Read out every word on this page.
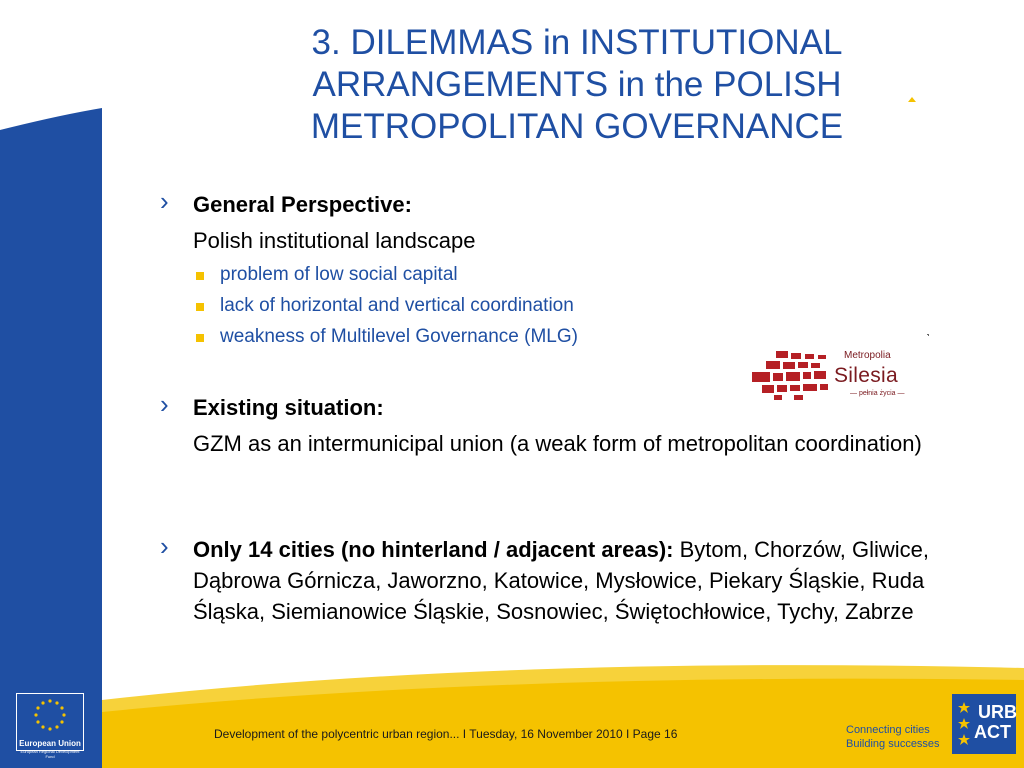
3. DILEMMAS in INSTITUTIONAL
ARRANGEMENTS in the POLISH
METROPOLITAN GOVERNANCE
› General Perspective:
Polish institutional landscape
problem of low social capital
lack of horizontal and vertical coordination
weakness of Multilevel Governance (MLG)
› Existing situation:
GZM as an intermunicipal union (a weak form of metropolitan coordination)
› Only 14 cities (no hinterland / adjacent areas): Bytom, Chorzów, Gliwice, Dąbrowa Górnicza, Jaworzno, Katowice, Mysłowice, Piekary Śląskie, Ruda Śląska, Siemianowice Śląskie, Sosnowiec, Świętochłowice, Tychy, Zabrze
Metropolia
Silesia
— pełnia życia —
European Union
European Regional Development Fund
Development of the polycentric urban region... I Tuesday, 16 November 2010 I Page 16	Connecting cities
Building successes
URB
ACT
